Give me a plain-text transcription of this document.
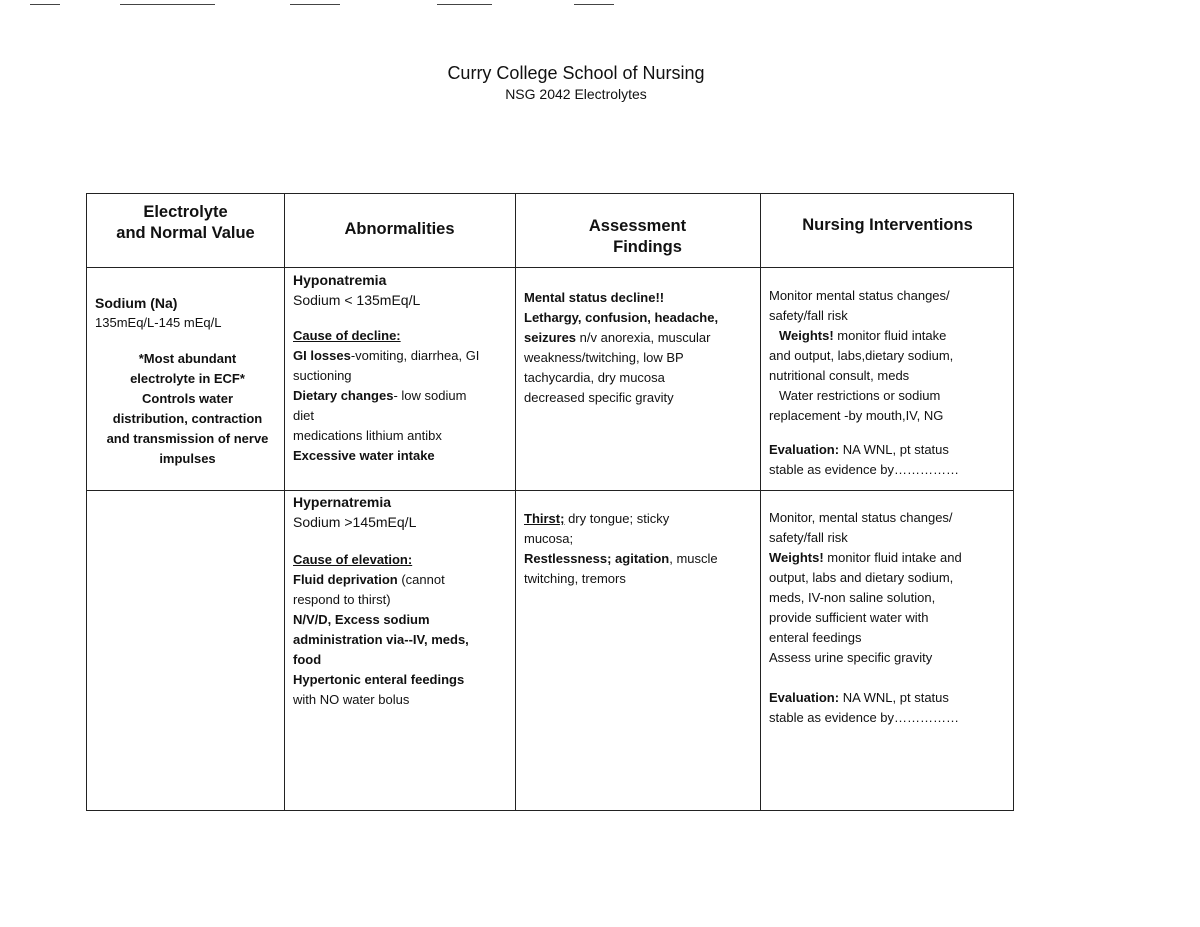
Curry College School of Nursing
NSG 2042 Electrolytes

Electrolyte

and Normal Value	Abnormalities	Assessment

Findings

Nursing Interventions

Sodium (Na)

135mEq/L-145 mEq/L

*Most abundant

electrolyte in ECF*

Controls water

distribution, contraction

and transmission of nerve

impulses

Hyponatremia

Sodium < 135mEq/L

Cause of decline:

GI losses-vomiting, diarrhea, GI

suctioning

Dietary changes- low sodium

diet

medications lithium antibx

Excessive water intake

Mental status decline!!

Lethargy, confusion, headache,

seizures n/v anorexia, muscular

weakness/twitching, low BP

tachycardia, dry mucosa

decreased specific gravity

Monitor mental status changes/

safety/fall risk

Weights! monitor fluid intake

and output, labs,dietary sodium,

nutritional consult, meds

Water restrictions or sodium

replacement -by mouth,IV, NG

Evaluation: NA WNL, pt status

stable as evidence by……………

Hypernatremia

Sodium >145mEq/L

Cause of elevation:

Fluid deprivation (cannot

respond to thirst)

N/V/D, Excess sodium

administration via--IV, meds,

food

Hypertonic enteral feedings

with NO water bolus

Thirst; dry tongue; sticky

mucosa;

Restlessness; agitation, muscle

twitching, tremors

Monitor, mental status changes/

safety/fall risk

Weights! monitor fluid intake and

output, labs and dietary sodium,

meds, IV-non saline solution,

provide sufficient water with

enteral feedings

Assess urine specific gravity

Evaluation: NA WNL, pt status

stable as evidence by……………
